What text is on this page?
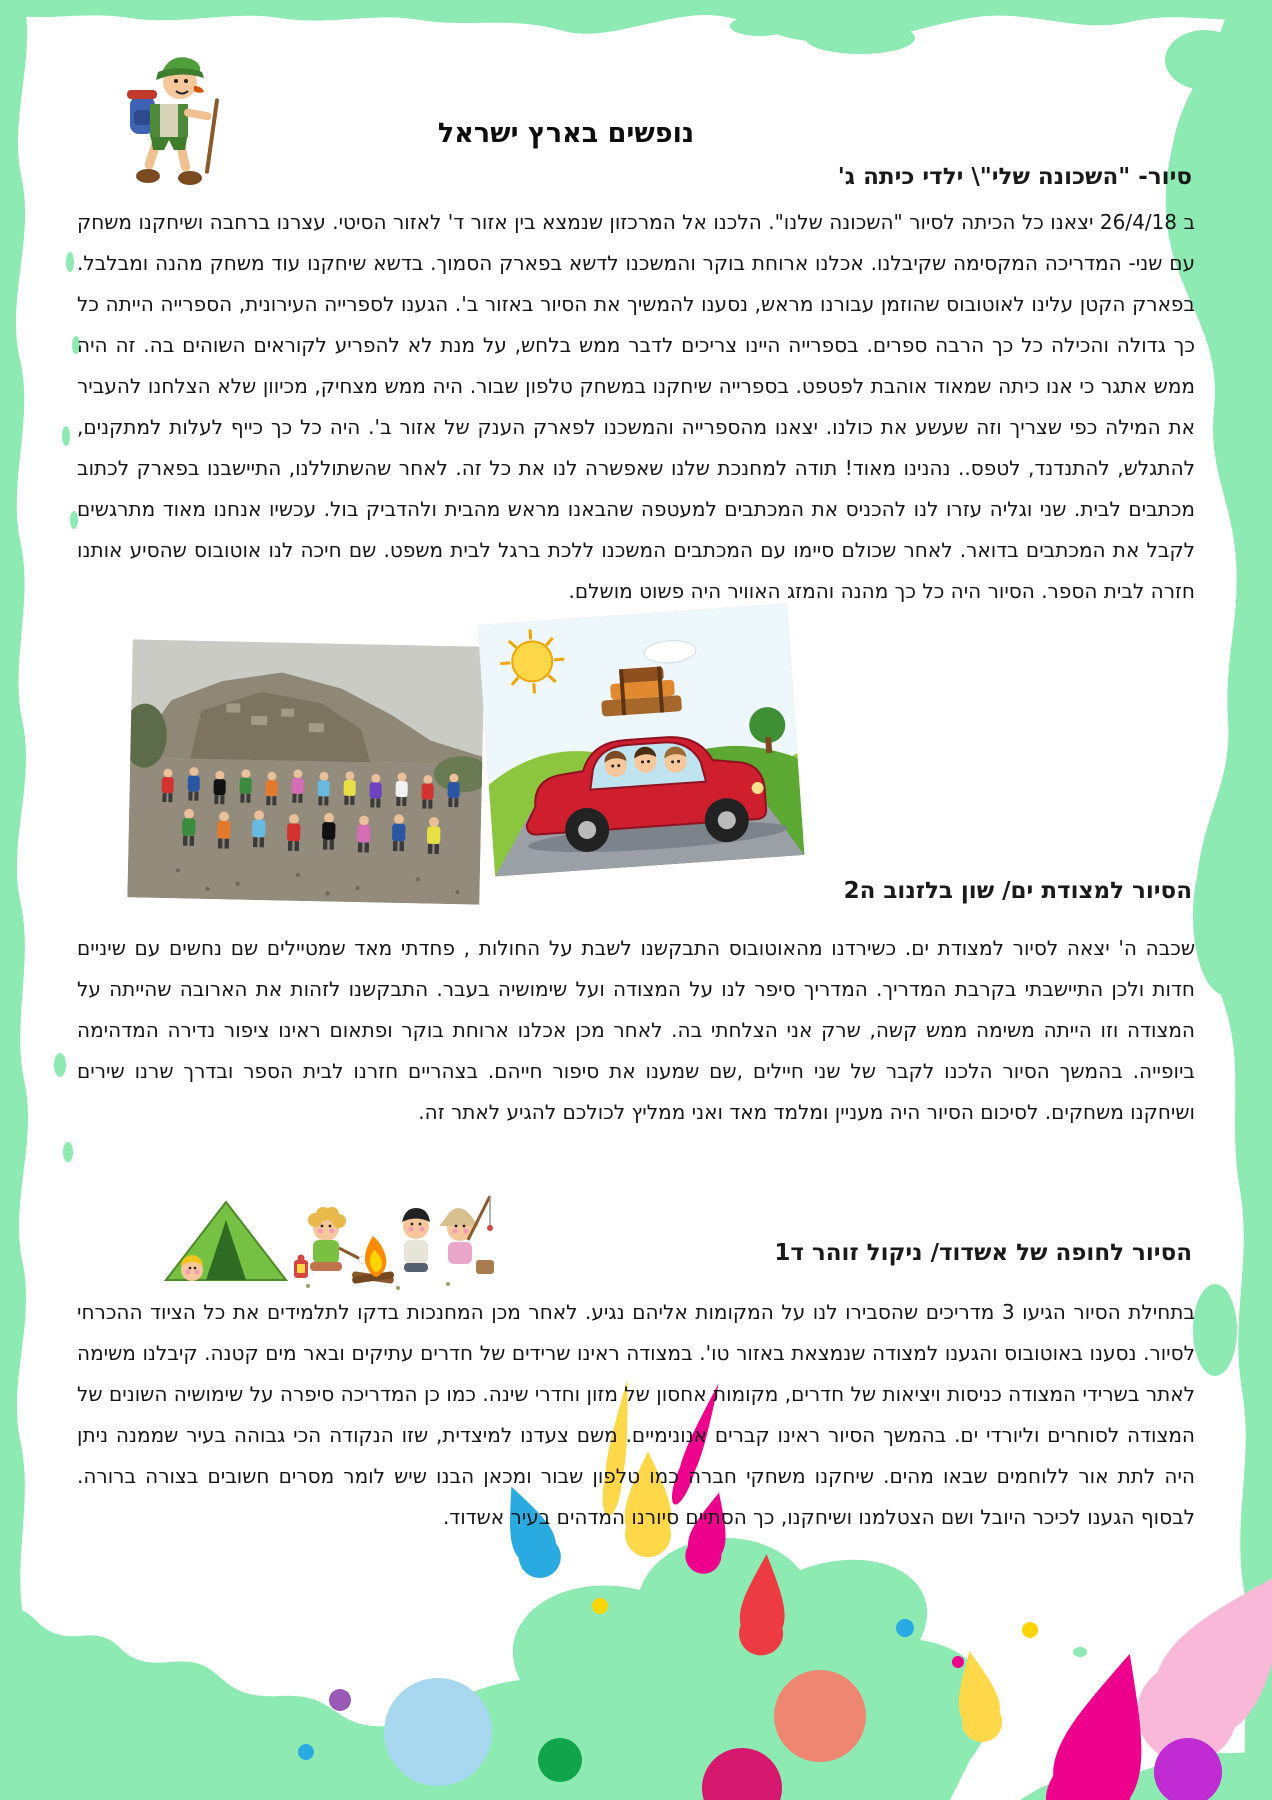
נופשים בארץ ישראל
סיור- "השכונה שלי"\ ילדי כיתה ג'

ב 26/4/18 יצאנו כל הכיתה לסיור "השכונה שלנו". הלכנו אל המרכזון שנמצא בין אזור ד' לאזור הסיטי. עצרנו ברחבה ושיחקנו משחק עם שני- המדריכה המקסימה שקיבלנו. אכלנו ארוחת בוקר והמשכנו לדשא בפארק הסמוך. בדשא שיחקנו עוד משחק מהנה ומבלבל. בפארק הקטן עלינו לאוטובוס שהוזמן עבורנו מראש, נסענו להמשיך את הסיור באזור ב'. הגענו לספרייה העירונית, הספרייה הייתה כל כך גדולה והכילה כל כך הרבה ספרים. בספרייה היינו צריכים לדבר ממש בלחש, על מנת לא להפריע לקוראים השוהים בה. זה היה ממש אתגר כי אנו כיתה שמאוד אוהבת לפטפט. בספרייה שיחקנו במשחק טלפון שבור. היה ממש מצחיק, מכיוון שלא הצלחנו להעביר את המילה כפי שצריך וזה שעשע את כולנו. יצאנו מהספרייה והמשכנו לפארק הענק של אזור ב'. היה כל כך כייף לעלות למתקנים, להתגלש, להתנדנד, לטפס.. נהנינו מאוד! תודה למחנכת שלנו שאפשרה לנו את כל זה. לאחר שהשתוללנו, התיישבנו בפארק לכתוב מכתבים לבית. שני וגליה עזרו לנו להכניס את המכתבים למעטפה שהבאנו מראש מהבית ולהדביק בול. עכשיו אנחנו מאוד מתרגשים לקבל את המכתבים בדואר. לאחר שכולם סיימו עם המכתבים המשכנו ללכת ברגל לבית משפט. שם חיכה לנו אוטובוס שהסיע אותנו חזרה לבית הספר. הסיור היה כל כך מהנה והמזג האוויר היה פשוט מושלם.

הסיור למצודת ים/ שון בלזנוב ה2

שכבה ה' יצאה לסיור למצודת ים. כשירדנו מהאוטובוס התבקשנו לשבת על החולות , פחדתי מאד שמטיילים שם נחשים עם שיניים חדות ולכן התיישבתי בקרבת המדריך. המדריך סיפר לנו על המצודה ועל שימושיה בעבר. התבקשנו לזהות את הארובה שהייתה על המצודה וזו הייתה משימה ממש קשה, שרק אני הצלחתי בה. לאחר מכן אכלנו ארוחת בוקר ופתאום ראינו ציפור נדירה המדהימה ביופייה. בהמשך הסיור הלכנו לקבר של שני חיילים ,שם שמענו את סיפור חייהם. בצהריים חזרנו לבית הספר ובדרך שרנו שירים ושיחקנו משחקים. לסיכום הסיור היה מעניין ומלמד מאד ואני ממליץ לכולכם להגיע לאתר זה.

הסיור לחופה של אשדוד/ ניקול זוהר ד1

בתחילת הסיור הגיעו 3 מדריכים שהסבירו לנו על המקומות אליהם נגיע. לאחר מכן המחנכות בדקו לתלמידים את כל הציוד ההכרחי לסיור. נסענו באוטובוס והגענו למצודה שנמצאת באזור טו'. במצודה ראינו שרידים של חדרים עתיקים ובאר מים קטנה. קיבלנו משימה לאתר בשרידי המצודה כניסות ויציאות של חדרים, מקומות אחסון של מזון וחדרי שינה. כמו כן המדריכה סיפרה על שימושיה השונים של המצודה לסוחרים וליורדי ים. בהמשך הסיור ראינו קברים אנונימיים. משם צעדנו למיצדית, שזו הנקודה הכי גבוהה בעיר שממנה ניתן היה לתת אור ללוחמים שבאו מהים. שיחקנו משחקי חברה כמו טלפון שבור ומכאן הבנו שיש לומר מסרים חשובים בצורה ברורה. לבסוף הגענו לכיכר היובל ושם הצטלמנו ושיחקנו, כך הסתיים סיורנו המדהים בעיר אשדוד.
